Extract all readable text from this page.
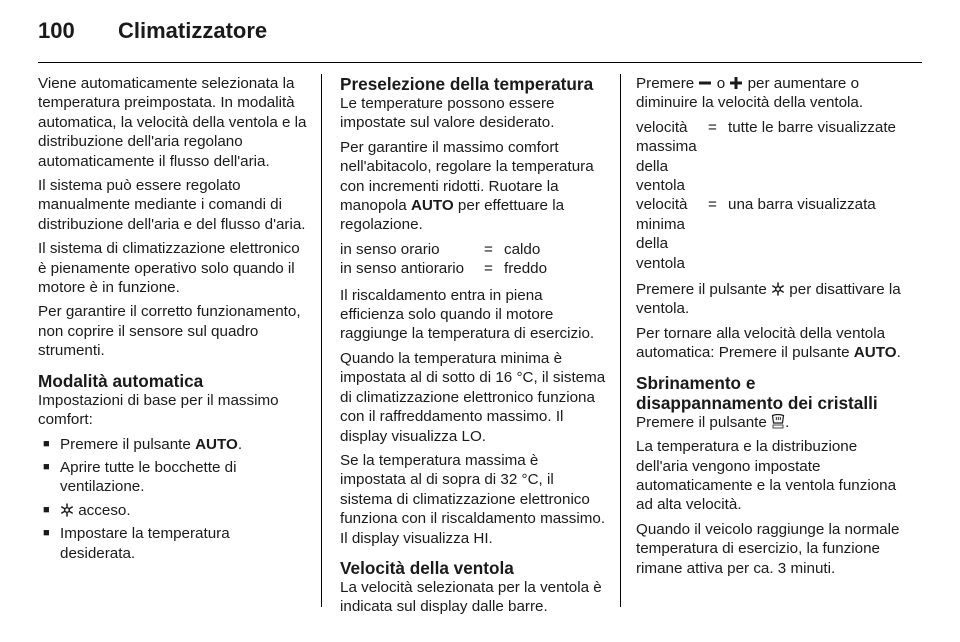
100 Climatizzatore

Viene automaticamente selezionata la temperatura preimpostata. In modalità automatica, la velocità della ventola e la distribuzione dell'aria regolano automaticamente il flusso dell'aria.

Il sistema può essere regolato manualmente mediante i comandi di distribuzione dell'aria e del flusso d'aria.

Il sistema di climatizzazione elettronico è pienamente operativo solo quando il motore è in funzione.

Per garantire il corretto funzionamento, non coprire il sensore sul quadro strumenti.

Modalità automatica

Impostazioni di base per il massimo comfort:

■ Premere il pulsante AUTO.
■ Aprire tutte le bocchette di ventilazione.
■ acceso.
■ Impostare la temperatura desiderata.
Preselezione della temperatura

Le temperature possono essere impostate sul valore desiderato.

Per garantire il massimo comfort nell'abitacolo, regolare la temperatura con incrementi ridotti. Ruotare la manopola AUTO per effettuare la regolazione.

in senso orario	= caldo
in senso antiorario	= freddo

Il riscaldamento entra in piena efficienza solo quando il motore raggiunge la temperatura di esercizio.

Quando la temperatura minima è impostata al di sotto di 16 °C, il sistema di climatizzazione elettronico funziona con il raffreddamento massimo. Il display visualizza LO.

Se la temperatura massima è impostata al di sopra di 32 °C, il sistema di climatizzazione elettronico funziona con il riscaldamento massimo. Il display visualizza HI.

Velocità della ventola

La velocità selezionata per la ventola è indicata sul display dalle barre.

Premere  o  per aumentare o diminuire la velocità della ventola.

velocità massima della ventola
= tutte le barre visualizzate
velocità minima della ventola
= una barra visualizzata

Premere il pulsante  per disattivare la ventola.

Per tornare alla velocità della ventola automatica: Premere il pulsante AUTO.

Sbrinamento e disappannamento dei cristalli

Premere il pulsante .

La temperatura e la distribuzione dell'aria vengono impostate automaticamente e la ventola funziona ad alta velocità.

Quando il veicolo raggiunge la normale temperatura di esercizio, la funzione rimane attiva per ca. 3 minuti.
